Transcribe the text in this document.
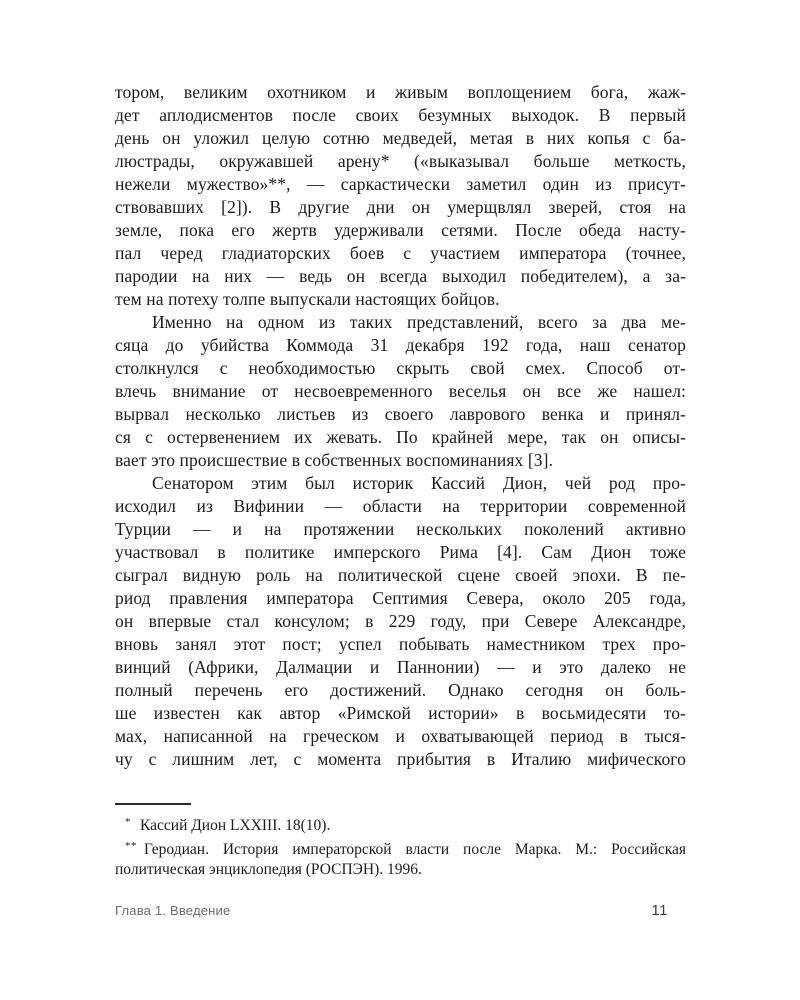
тором, великим охотником и живым воплощением бога, жаж-
дет аплодисментов после своих безумных выходок. В первый
день он уложил целую сотню медведей, метая в них копья с ба-
люстрады, окружавшей арену* («выказывал больше меткость,
нежели мужество»**, — саркастически заметил один из присут-
ствовавших [2]). В другие дни он умерщвлял зверей, стоя на
земле, пока его жертв удерживали сетями. После обеда насту-
пал черед гладиаторских боев с участием императора (точнее,
пародии на них — ведь он всегда выходил победителем), а за-
тем на потеху толпе выпускали настоящих бойцов.
Именно на одном из таких представлений, всего за два ме-
сяца до убийства Коммода 31 декабря 192 года, наш сенатор
столкнулся с необходимостью скрыть свой смех. Способ от-
влечь внимание от несвоевременного веселья он все же нашел:
вырвал несколько листьев из своего лаврового венка и принял-
ся с остервенением их жевать. По крайней мере, так он описы-
вает это происшествие в собственных воспоминаниях [3].
Сенатором этим был историк Кассий Дион, чей род про-
исходил из Вифинии — области на территории современной
Турции — и на протяжении нескольких поколений активно
участвовал в политике имперского Рима [4]. Сам Дион тоже
сыграл видную роль на политической сцене своей эпохи. В пе-
риод правления императора Септимия Севера, около 205 года,
он впервые стал консулом; в 229 году, при Севере Александре,
вновь занял этот пост; успел побывать наместником трех про-
винций (Африки, Далмации и Паннонии) — и это далеко не
полный перечень его достижений. Однако сегодня он боль-
ше известен как автор «Римской истории» в восьмидесяти то-
мах, написанной на греческом и охватывающей период в тыся-
чу с лишним лет, с момента прибытия в Италию мифического
* Кассий Дион LXXIII. 18(10).
** Геродиан. История императорской власти после Марка. М.: Российская политическая энциклопедия (РОСПЭН). 1996.
Глава 1. Введение	11
